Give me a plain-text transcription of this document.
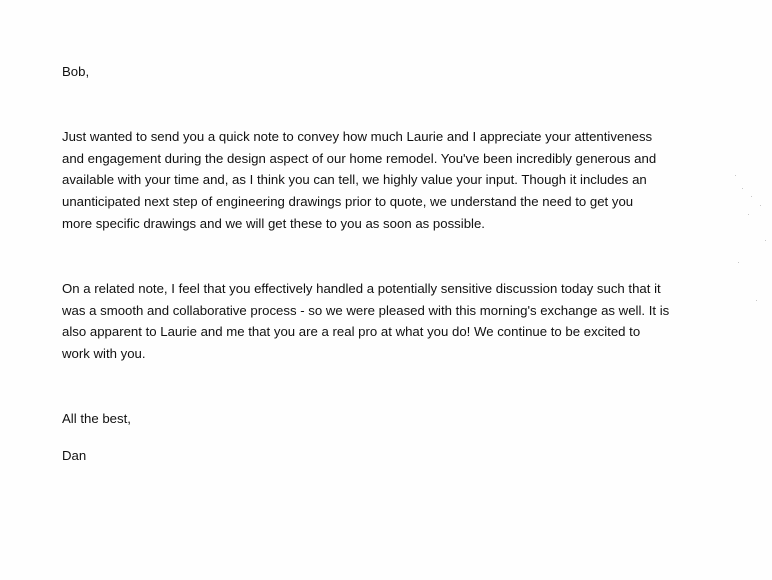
Bob,

Just wanted to send you a quick note to convey how much Laurie and I appreciate your attentiveness
and engagement during the design aspect of our home remodel. You've been incredibly generous and
available with your time and, as I think you can tell, we highly value your input. Though it includes an
unanticipated next step of engineering drawings prior to quote, we understand the need to get you
more specific drawings and we will get these to you as soon as possible.

On a related note, I feel that you effectively handled a potentially sensitive discussion today such that it
was a smooth and collaborative process - so we were pleased with this morning's exchange as well. It is
also apparent to Laurie and me that you are a real pro at what you do! We continue to be excited to
work with you.

All the best,

Dan
